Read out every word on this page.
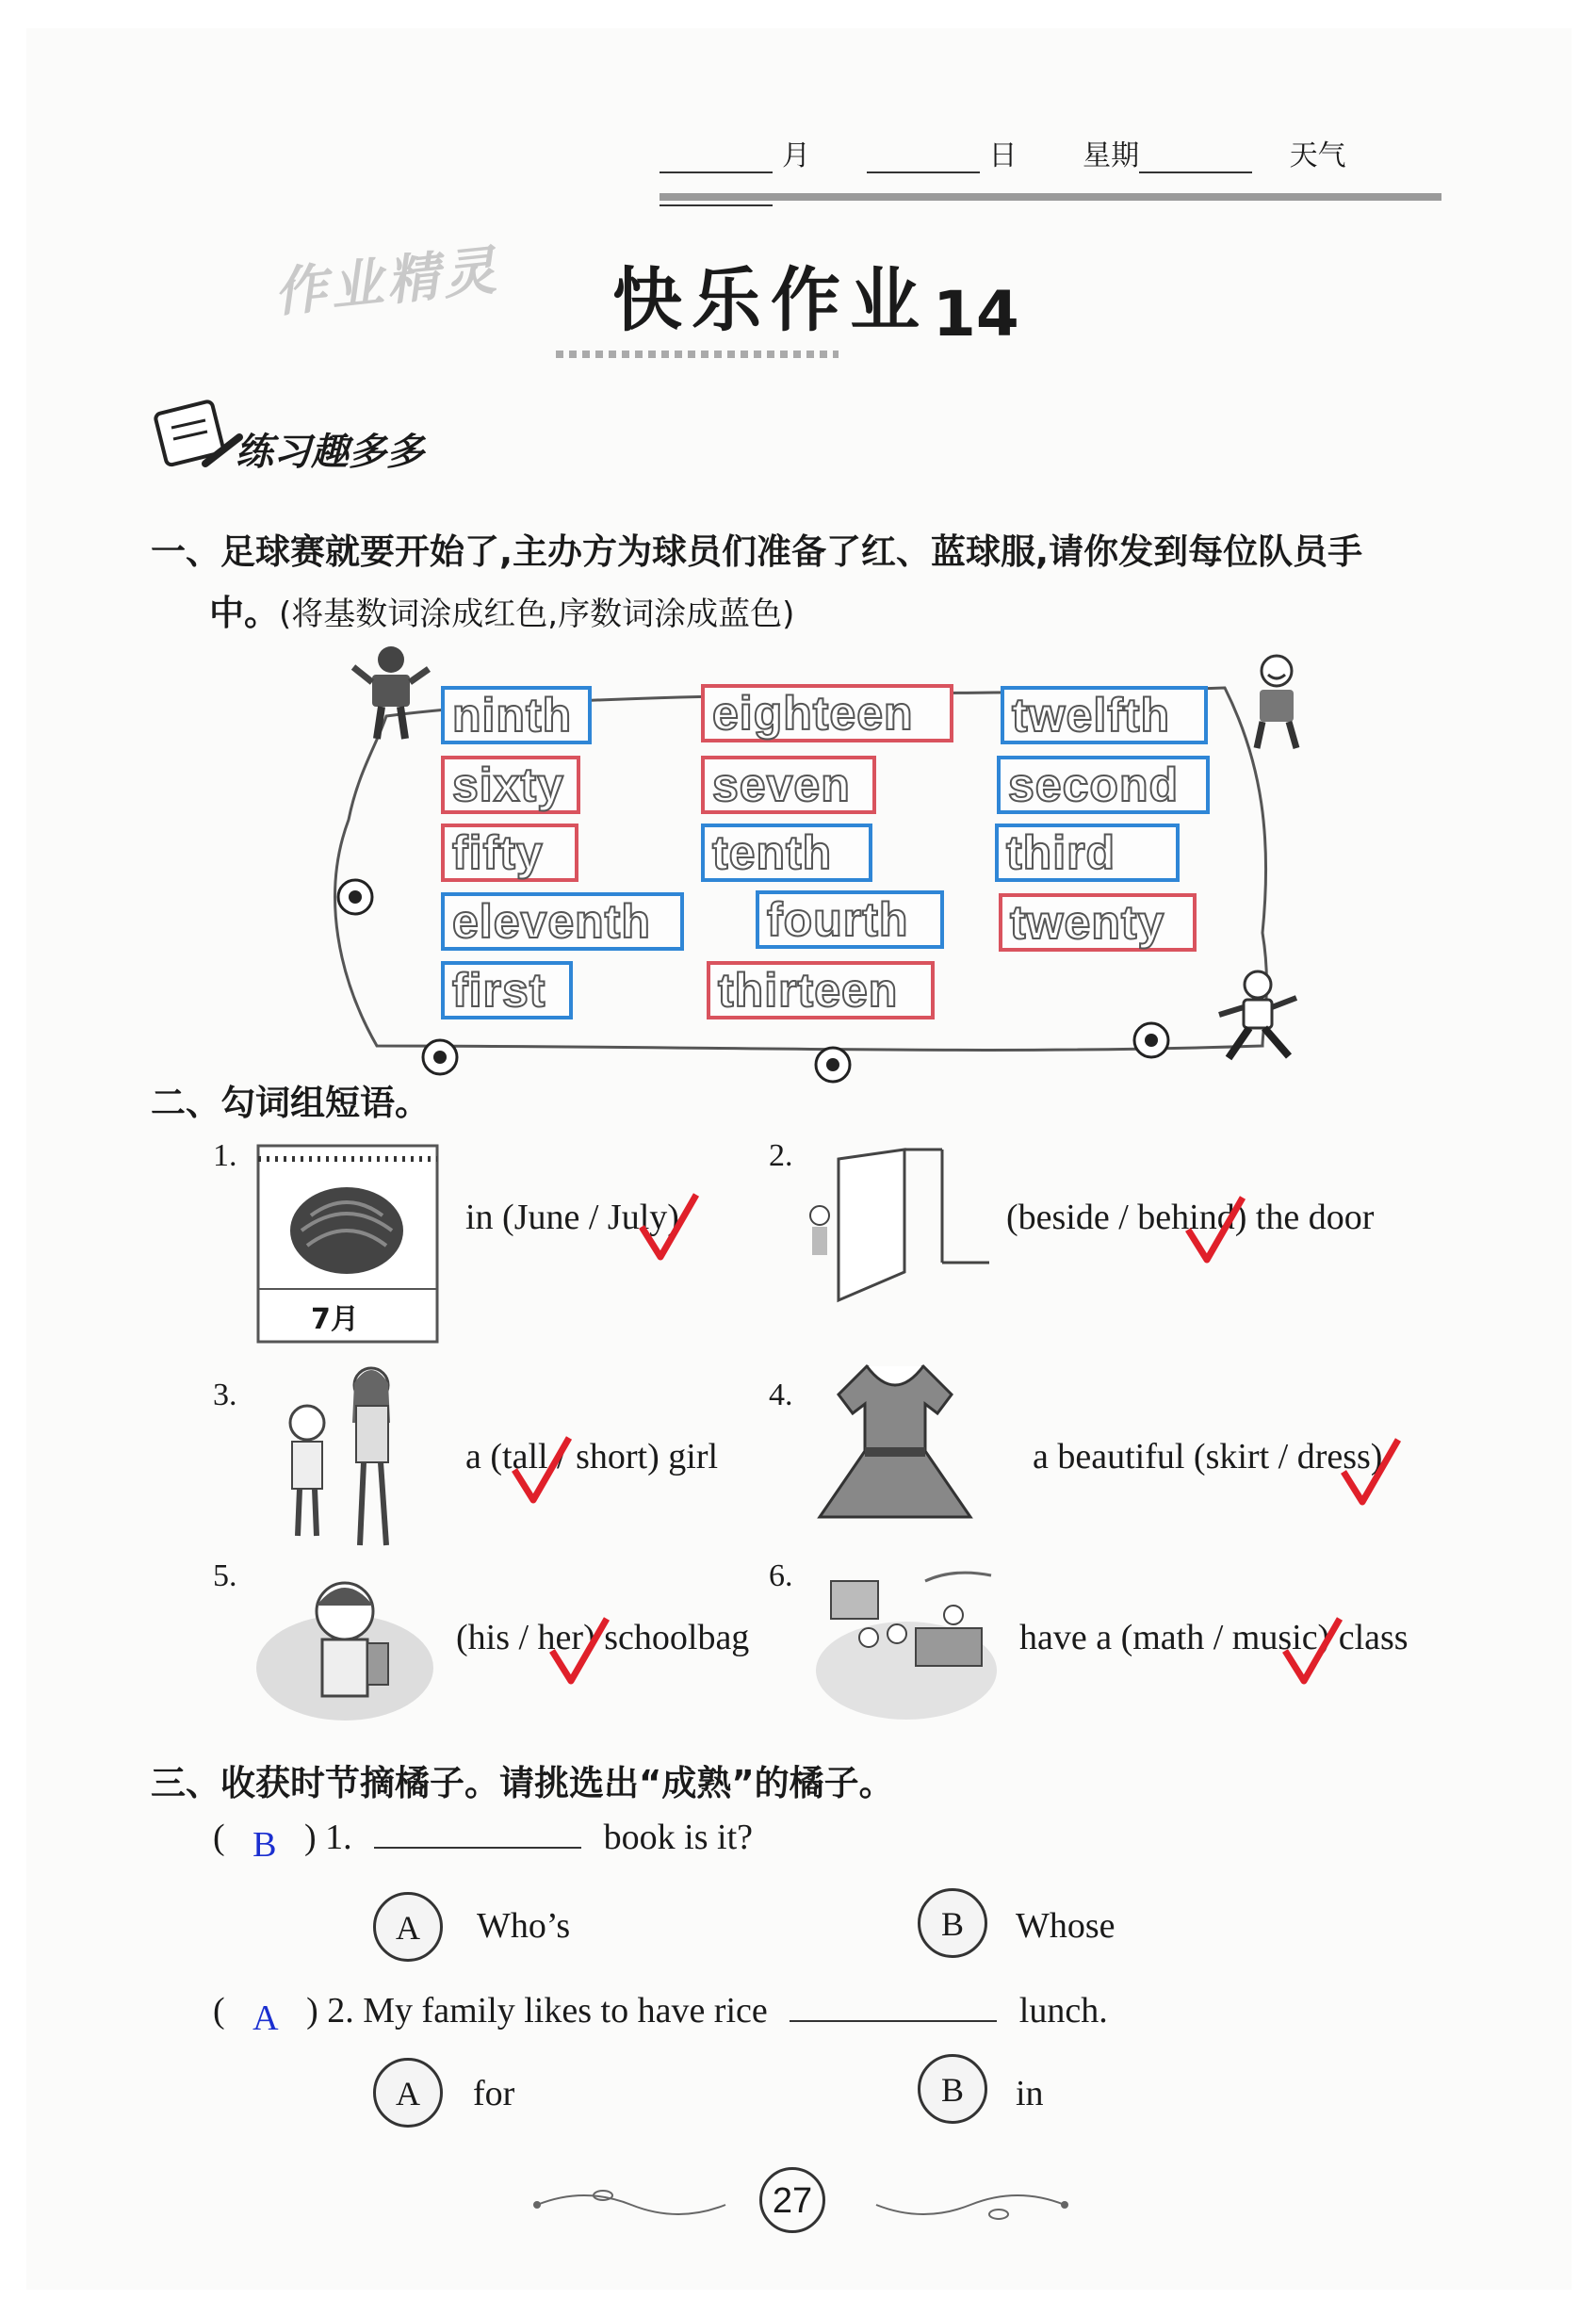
月	日 星期	天气
作业精灵 快乐作业 14
练习趣多多
一、足球赛就要开始了,主办方为球员们准备了红、蓝球服,请你发到每位队员手
中。(将基数词涂成红色,序数词涂成蓝色)
ninth	eighteen	twelfth
sixty	seven	second
fifty	tenth	third
eleventh	fourth	twenty
first	thirteen
二、勾词组短语。
1.
7月
in (June / July)
2.
(beside / behind) the door
3.
a (tall / short) girl
4.
a beautiful (skirt / dress)
5.
(his / her) schoolbag
6.
have a (math / music) class
三、收获时节摘橘子。请挑选出“成熟”的橘子。
( B ) 1.	book is it?
A	Who’s	B	Whose
( A ) 2. My family likes to have rice	lunch.
A	for	B	in
27
